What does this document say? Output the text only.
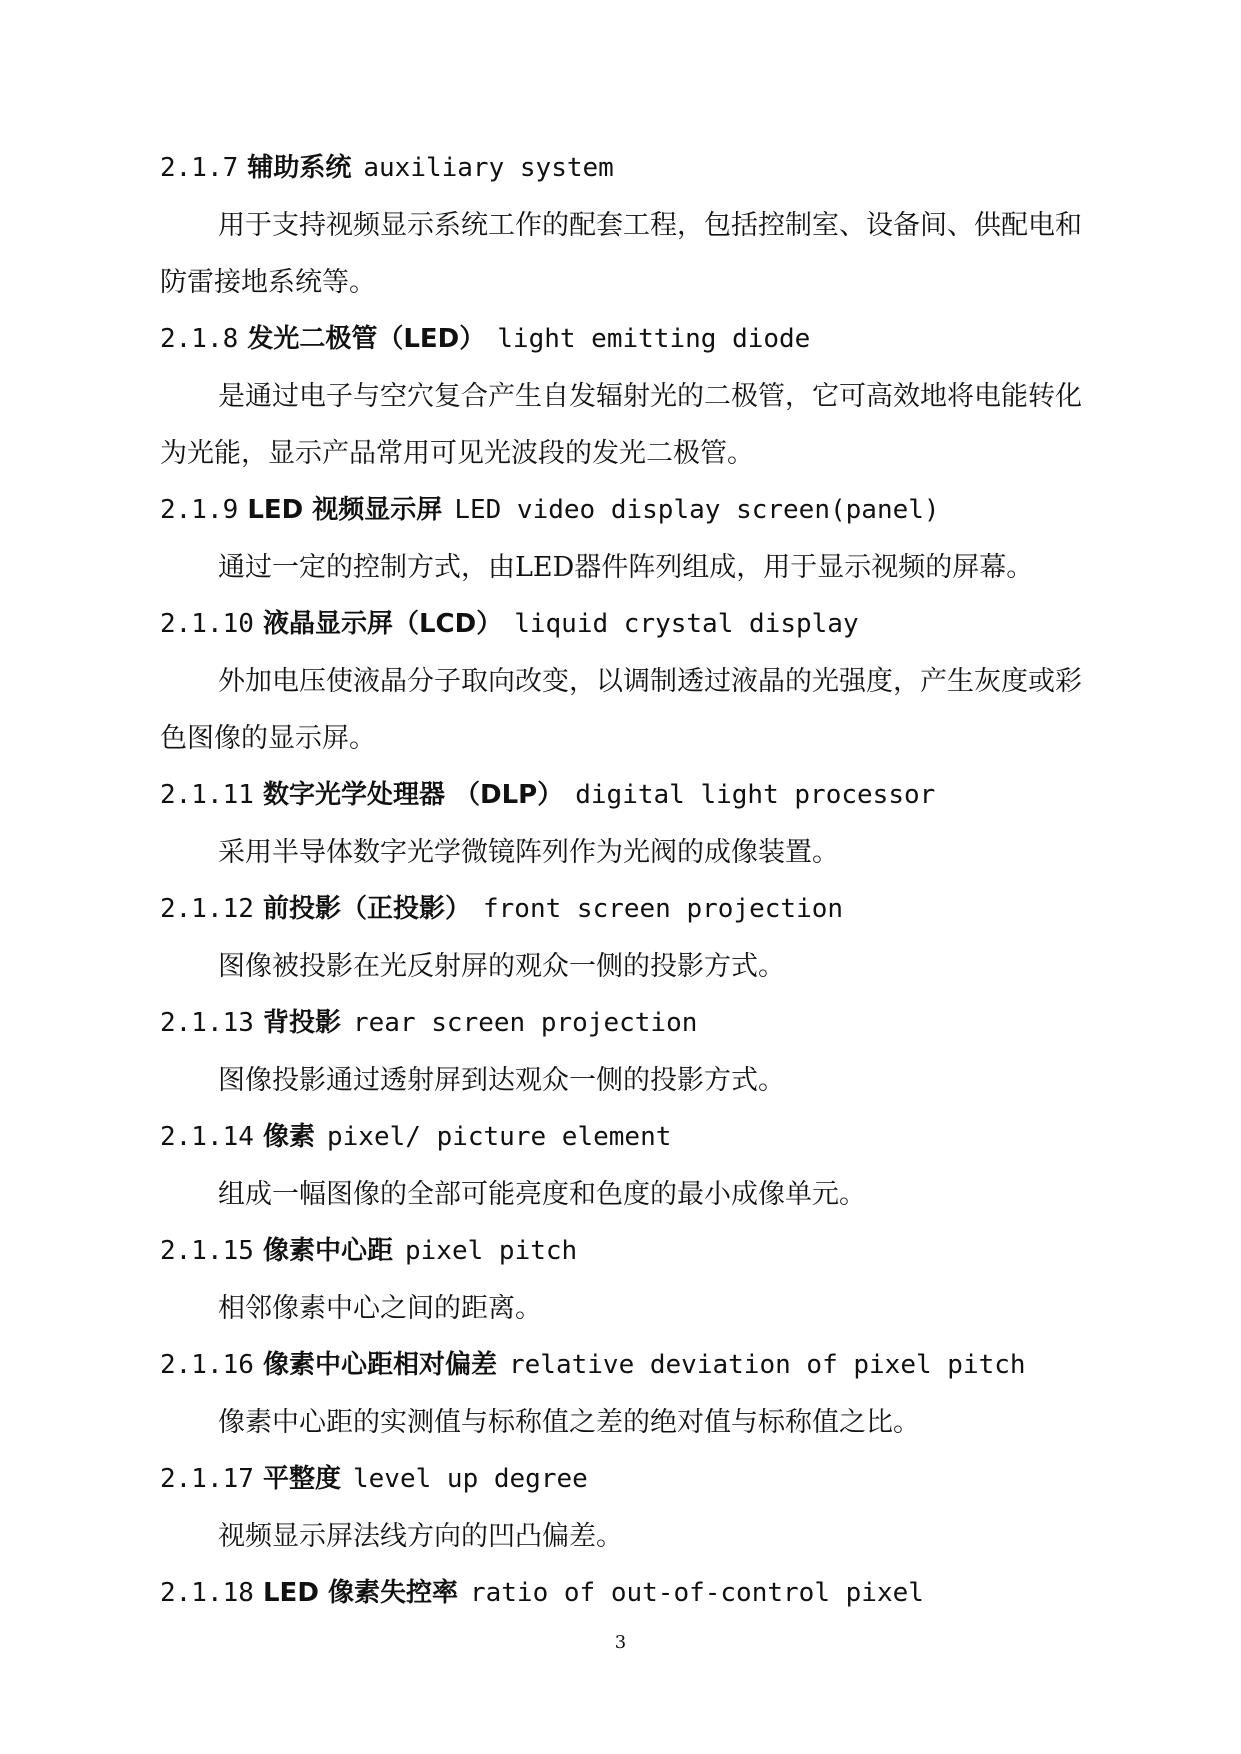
2.1.7 辅助系统 auxiliary system

用于支持视频显示系统工作的配套工程，包括控制室、设备间、供配电和防雷接地系统等。

2.1.8 发光二极管（LED） light emitting diode

是通过电子与空穴复合产生自发辐射光的二极管，它可高效地将电能转化为光能，显示产品常用可见光波段的发光二极管。

2.1.9 LED 视频显示屏 LED video display screen(panel)

通过一定的控制方式，由LED器件阵列组成，用于显示视频的屏幕。

2.1.10 液晶显示屏（LCD） liquid crystal display

外加电压使液晶分子取向改变，以调制透过液晶的光强度，产生灰度或彩色图像的显示屏。

2.1.11 数字光学处理器 （DLP） digital light processor

采用半导体数字光学微镜阵列作为光阀的成像装置。

2.1.12 前投影（正投影） front screen projection

图像被投影在光反射屏的观众一侧的投影方式。

2.1.13 背投影 rear screen projection

图像投影通过透射屏到达观众一侧的投影方式。

2.1.14 像素 pixel/ picture element

组成一幅图像的全部可能亮度和色度的最小成像单元。

2.1.15 像素中心距 pixel pitch

相邻像素中心之间的距离。

2.1.16 像素中心距相对偏差 relative deviation of pixel pitch

像素中心距的实测值与标称值之差的绝对值与标称值之比。

2.1.17 平整度 level up degree

视频显示屏法线方向的凹凸偏差。

2.1.18 LED 像素失控率 ratio of out-of-control pixel
3
